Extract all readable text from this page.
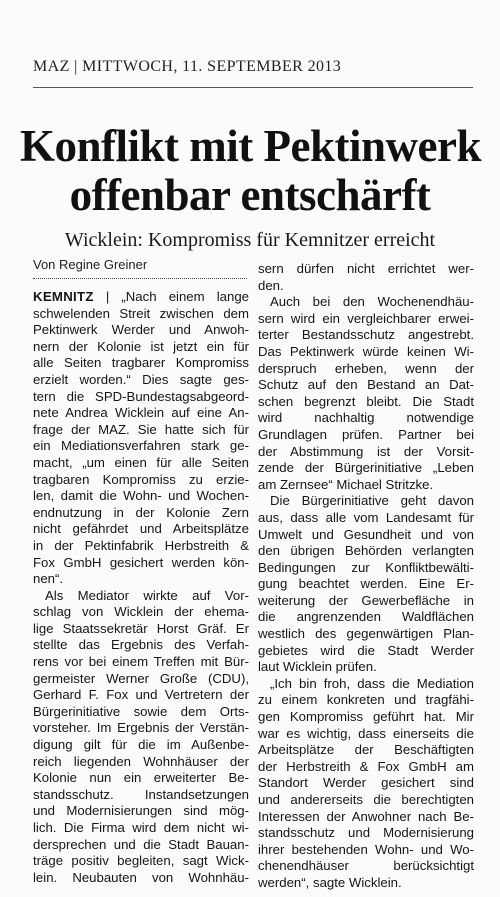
MAZ | MITTWOCH, 11. SEPTEMBER 2013
Konflikt mit Pektinwerk
offenbar entschärft
Wicklein: Kompromiss für Kemnitzer erreicht
Von Regine Greiner
KEMNITZ | „Nach einem lange
schwelenden Streit zwischen dem
Pektinwerk Werder und Anwoh-
nern der Kolonie ist jetzt ein für
alle Seiten tragbarer Kompromiss
erzielt worden.“ Dies sagte ges-
tern die SPD-Bundestagsabgeord-
nete Andrea Wicklein auf eine An-
frage der MAZ. Sie hatte sich für
ein Mediationsverfahren stark ge-
macht, „um einen für alle Seiten
tragbaren Kompromiss zu erzie-
len, damit die Wohn- und Wochen-
endnutzung in der Kolonie Zern
nicht gefährdet und Arbeitsplätze
in der Pektinfabrik Herbstreith &
Fox GmbH gesichert werden kön-
nen“.
Als Mediator wirkte auf Vor-
schlag von Wicklein der ehema-
lige Staatssekretär Horst Gräf. Er
stellte das Ergebnis des Verfah-
rens vor bei einem Treffen mit Bür-
germeister Werner Große (CDU),
Gerhard F. Fox und Vertretern der
Bürgerinitiative sowie dem Orts-
vorsteher. Im Ergebnis der Verstän-
digung gilt für die im Außenbe-
reich liegenden Wohnhäuser der
Kolonie nun ein erweiterter Be-
standsschutz. Instandsetzungen
und Modernisierungen sind mög-
lich. Die Firma wird dem nicht wi-
dersprechen und die Stadt Bauan-
träge positiv begleiten, sagt Wick-
lein. Neubauten von Wohnhäu-
sern dürfen nicht errichtet wer-
den.
Auch bei den Wochenendhäu-
sern wird ein vergleichbarer erwei-
terter Bestandsschutz angestrebt.
Das Pektinwerk würde keinen Wi-
derspruch erheben, wenn der
Schutz auf den Bestand an Dat-
schen begrenzt bleibt. Die Stadt
wird nachhaltig notwendige
Grundlagen prüfen. Partner bei
der Abstimmung ist der Vorsit-
zende der Bürgerinitiative „Leben
am Zernsee“ Michael Stritzke.
Die Bürgerinitiative geht davon
aus, dass alle vom Landesamt für
Umwelt und Gesundheit und von
den übrigen Behörden verlangten
Bedingungen zur Konfliktbewälti-
gung beachtet werden. Eine Er-
weiterung der Gewerbefläche in
die angrenzenden Waldflächen
westlich des gegenwärtigen Plan-
gebietes wird die Stadt Werder
laut Wicklein prüfen.
„Ich bin froh, dass die Mediation
zu einem konkreten und tragfähi-
gen Kompromiss geführt hat. Mir
war es wichtig, dass einerseits die
Arbeitsplätze der Beschäftigten
der Herbstreith & Fox GmbH am
Standort Werder gesichert sind
und andererseits die berechtigten
Interessen der Anwohner nach Be-
standsschutz und Modernisierung
ihrer bestehenden Wohn- und Wo-
chenendhäuser berücksichtigt
werden“, sagte Wicklein.
